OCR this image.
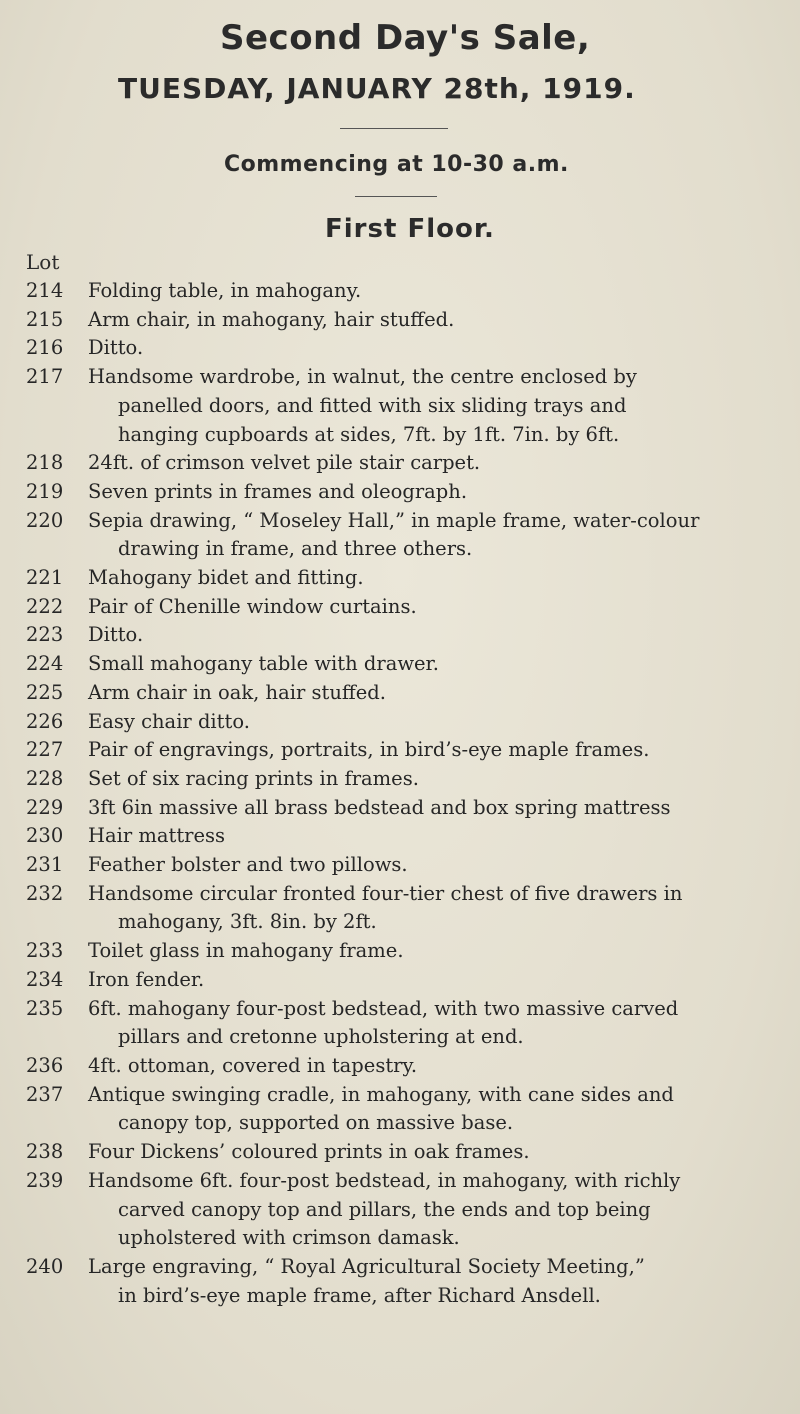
Second Day's Sale,
TUESDAY, JANUARY 28th, 1919.
Commencing at 10-30 a.m.
First Floor.
Lot
214	Folding table, in mahogany.
215	Arm chair, in mahogany, hair stuffed.
216	Ditto.
217	Handsome wardrobe, in walnut, the centre enclosed by
panelled doors, and fitted with six sliding trays and
hanging cupboards at sides, 7ft. by 1ft. 7in. by 6ft.
218	24ft. of crimson velvet pile stair carpet.
219	Seven prints in frames and oleograph.
220	Sepia drawing, “ Moseley Hall,” in maple frame, water-colour
drawing in frame, and three others.
221	Mahogany bidet and fitting.
222	Pair of Chenille window curtains.
223	Ditto.
224	Small mahogany table with drawer.
225	Arm chair in oak, hair stuffed.
226	Easy chair ditto.
227	Pair of engravings, portraits, in bird’s-eye maple frames.
228	Set of six racing prints in frames.
229	3ft 6in massive all brass bedstead and box spring mattress
230	Hair mattress
231	Feather bolster and two pillows.
232	Handsome circular fronted four-tier chest of five drawers in
mahogany, 3ft. 8in. by 2ft.
233	Toilet glass in mahogany frame.
234	Iron fender.
235	6ft. mahogany four-post bedstead, with two massive carved
pillars and cretonne upholstering at end.
236	4ft. ottoman, covered in tapestry.
237	Antique swinging cradle, in mahogany, with cane sides and
canopy top, supported on massive base.
238	Four Dickens’ coloured prints in oak frames.
239	Handsome 6ft. four-post bedstead, in mahogany, with richly
carved canopy top and pillars, the ends and top being
upholstered with crimson damask.
240	Large engraving, “ Royal Agricultural Society Meeting,”
in bird’s-eye maple frame, after Richard Ansdell.
